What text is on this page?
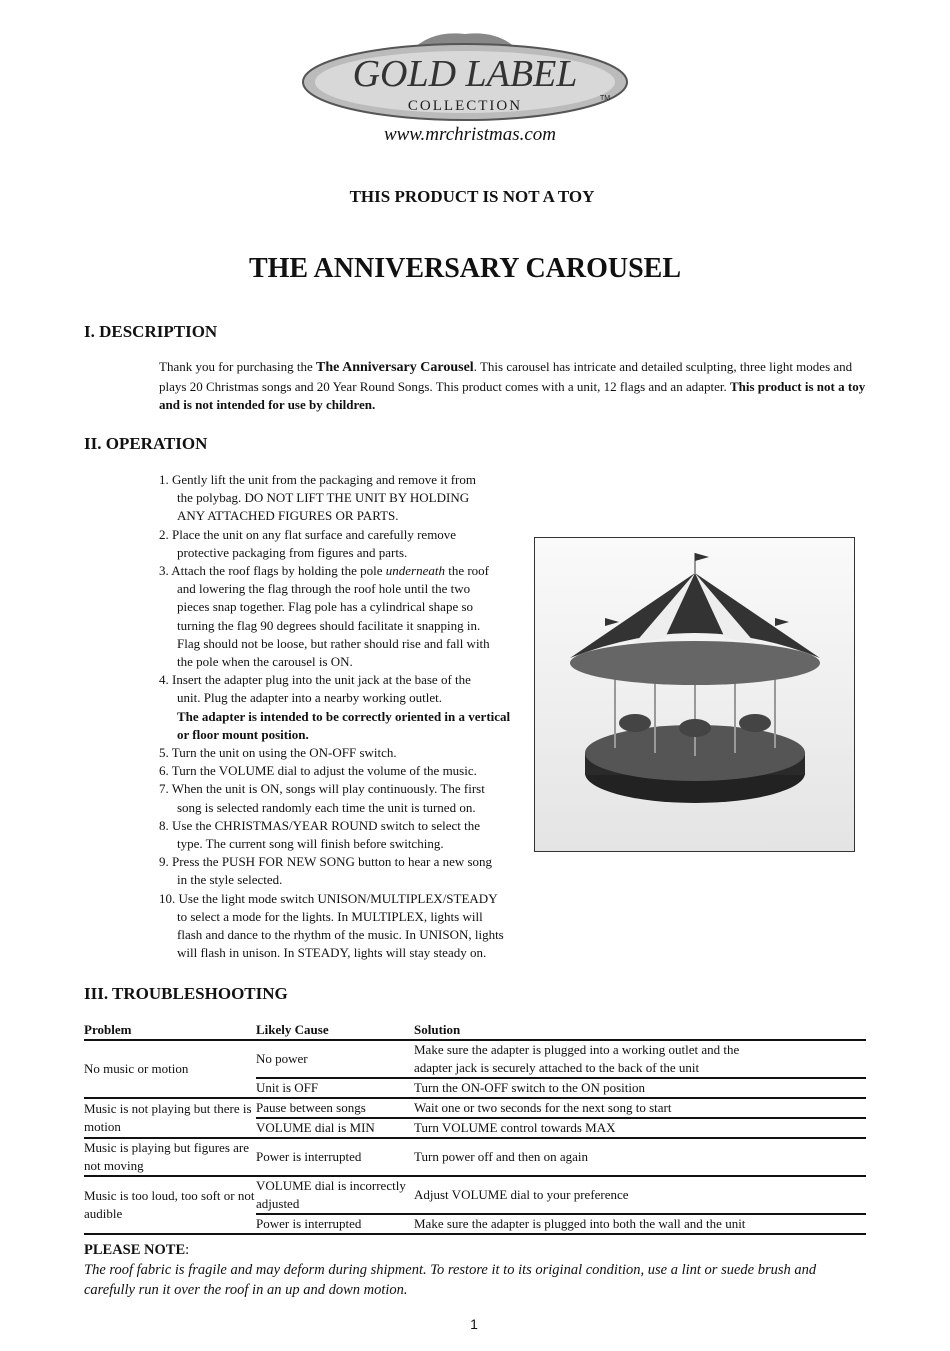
GOLD LABEL
COLLECTION	TM
www.mrchristmas.com
THIS PRODUCT IS NOT A TOY
THE ANNIVERSARY CAROUSEL
I. DESCRIPTION
Thank you for purchasing the The Anniversary Carousel. This carousel has intricate and detailed sculpting, three light modes and plays 20 Christmas songs and 20 Year Round Songs. This product comes with a unit, 12 flags and an adapter. This product is not a toy and is not intended for use by children.
II. OPERATION
1. Gently lift the unit from the packaging and remove it from
the polybag. DO NOT LIFT THE UNIT BY HOLDING
ANY ATTACHED FIGURES OR PARTS.
2. Place the unit on any flat surface and carefully remove
protective packaging from figures and parts.
3. Attach the roof flags by holding the pole underneath the roof
and lowering the flag through the roof hole until the two
pieces snap together. Flag pole has a cylindrical shape so
turning the flag 90 degrees should facilitate it snapping in.
Flag should not be loose, but rather should rise and fall with
the pole when the carousel is ON.
4. Insert the adapter plug into the unit jack at the base of the
unit. Plug the adapter into a nearby working outlet.
The adapter is intended to be correctly oriented in a vertical
or floor mount position.
5. Turn the unit on using the ON-OFF switch.
6. Turn the VOLUME dial to adjust the volume of the music.
7. When the unit is ON, songs will play continuously. The first
song is selected randomly each time the unit is turned on.
8. Use the CHRISTMAS/YEAR ROUND switch to select the
type. The current song will finish before switching.
9. Press the PUSH FOR NEW SONG button to hear a new song
in the style selected.
10. Use the light mode switch UNISON/MULTIPLEX/STEADY
to select a mode for the lights. In MULTIPLEX, lights will
flash and dance to the rhythm of the music. In UNISON, lights
will flash in unison. In STEADY, lights will stay steady on.
III. TROUBLESHOOTING
Problem	Likely Cause	Solution
No music or motion	No power	Make sure the adapter is plugged into a working outlet and the adapter jack is securely attached to the back of the unit
	Unit is OFF	Turn the ON-OFF switch to the ON position
Music is not playing but there is motion	Pause between songs	Wait one or two seconds for the next song to start
	VOLUME dial is MIN	Turn VOLUME control towards MAX
Music is playing but figures are not moving	Power is interrupted	Turn power off and then on again
Music is too loud, too soft or not audible	VOLUME dial is incorrectly adjusted	Adjust VOLUME dial to your preference
	Power is interrupted	Make sure the adapter is plugged into both the wall and the unit
PLEASE NOTE:
The roof fabric is fragile and may deform during shipment. To restore it to its original condition, use a lint or suede brush and carefully run it over the roof in an up and down motion.
1
